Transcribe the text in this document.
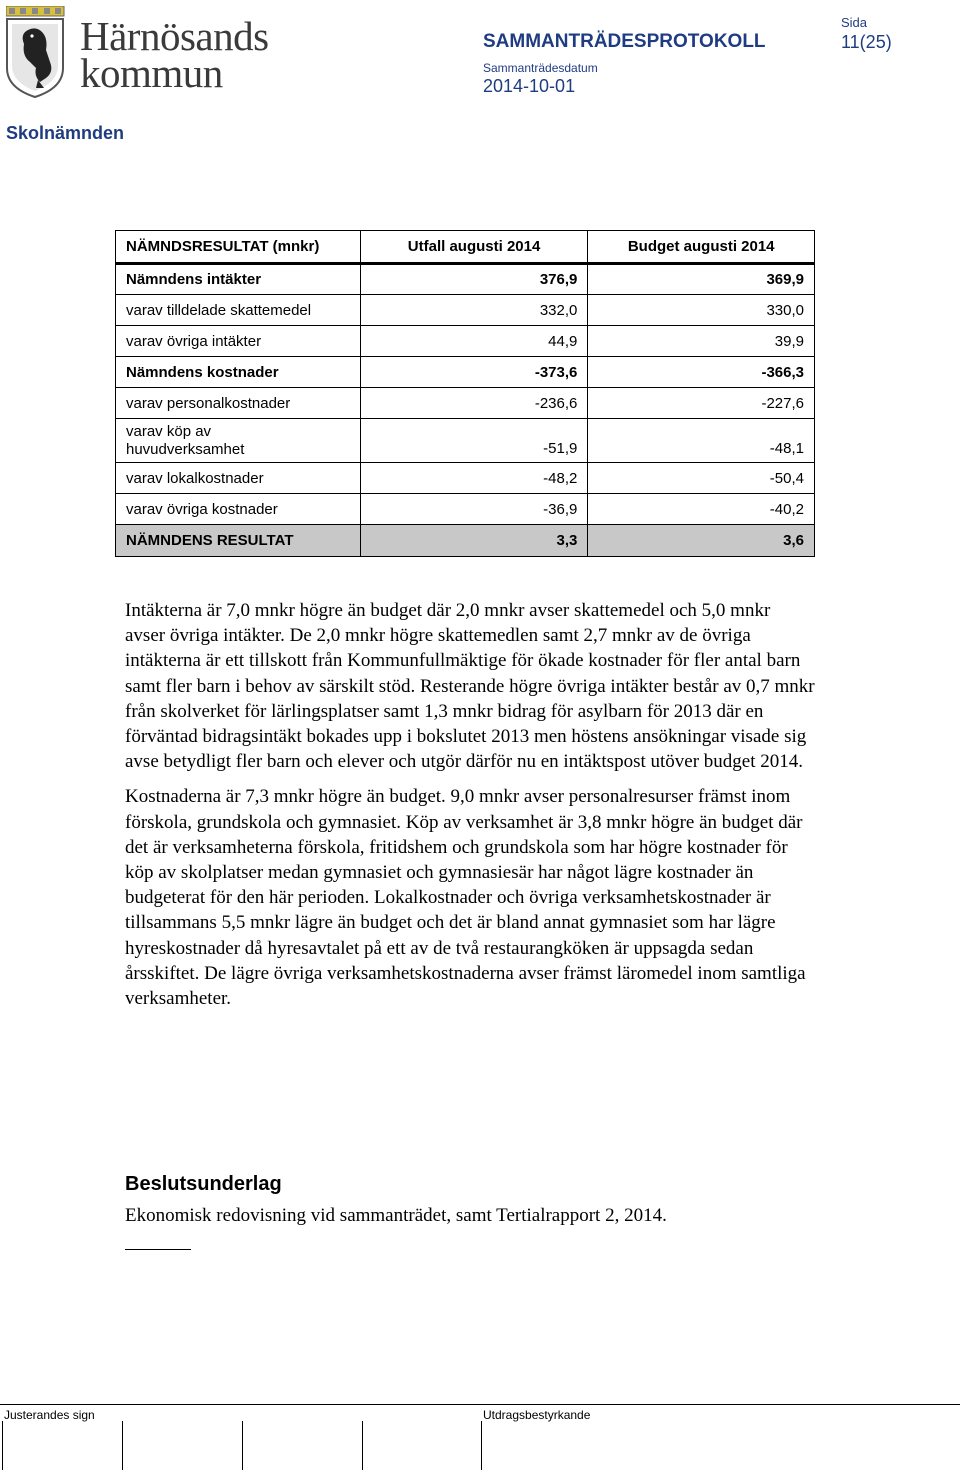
Härnösands
kommun
SAMMANTRÄDESPROTOKOLL
Sammanträdesdatum
2014-10-01
Sida
11(25)
Skolnämnden
NÄMNDSRESULTAT (mnkr)	Utfall augusti 2014	Budget augusti 2014
Nämndens intäkter	376,9	369,9
varav tilldelade skattemedel	332,0	330,0
varav övriga intäkter	44,9	39,9
Nämndens kostnader	-373,6	-366,3
varav personalkostnader	-236,6	-227,6

varav köp av
huvudverksamhet	-51,9	-48,1
varav lokalkostnader	-48,2	-50,4
varav övriga kostnader	-36,9	-40,2
NÄMNDENS RESULTAT	3,3	3,6

Intäkterna är 7,0 mnkr högre än budget där 2,0 mnkr avser skattemedel och 5,0 mnkr avser övriga intäkter. De 2,0 mnkr högre skattemedlen samt 2,7 mnkr av de övriga intäkterna är ett tillskott från Kommunfullmäktige för ökade kostnader för fler antal barn samt fler barn i behov av särskilt stöd. Resterande högre övriga intäkter består av 0,7 mnkr från skolverket för lärlingsplatser samt 1,3 mnkr bidrag för asylbarn för 2013 där en förväntad bidragsintäkt bokades upp i bokslutet 2013 men höstens ansökningar visade sig avse betydligt fler barn och elever och utgör därför nu en intäktspost utöver budget 2014.

Kostnaderna är 7,3 mnkr högre än budget. 9,0 mnkr avser personalresurser främst inom förskola, grundskola och gymnasiet. Köp av verksamhet är 3,8 mnkr högre än budget där det är verksamheterna förskola, fritidshem och grundskola som har högre kostnader för köp av skolplatser medan gymnasiet och gymnasiesär har något lägre kostnader än budgeterat för den här perioden. Lokalkostnader och övriga verksamhetskostnader är tillsammans 5,5 mnkr lägre än budget och det är bland annat gymnasiet som har lägre hyreskostnader då hyresavtalet på ett av de två restaurangköken är uppsagda sedan årsskiftet. De lägre övriga verksamhetskostnaderna avser främst läromedel inom samtliga verksamheter.

Beslutsunderlag
Ekonomisk redovisning vid sammanträdet, samt Tertialrapport 2, 2014.
Justerandes sign	Utdragsbestyrkande
